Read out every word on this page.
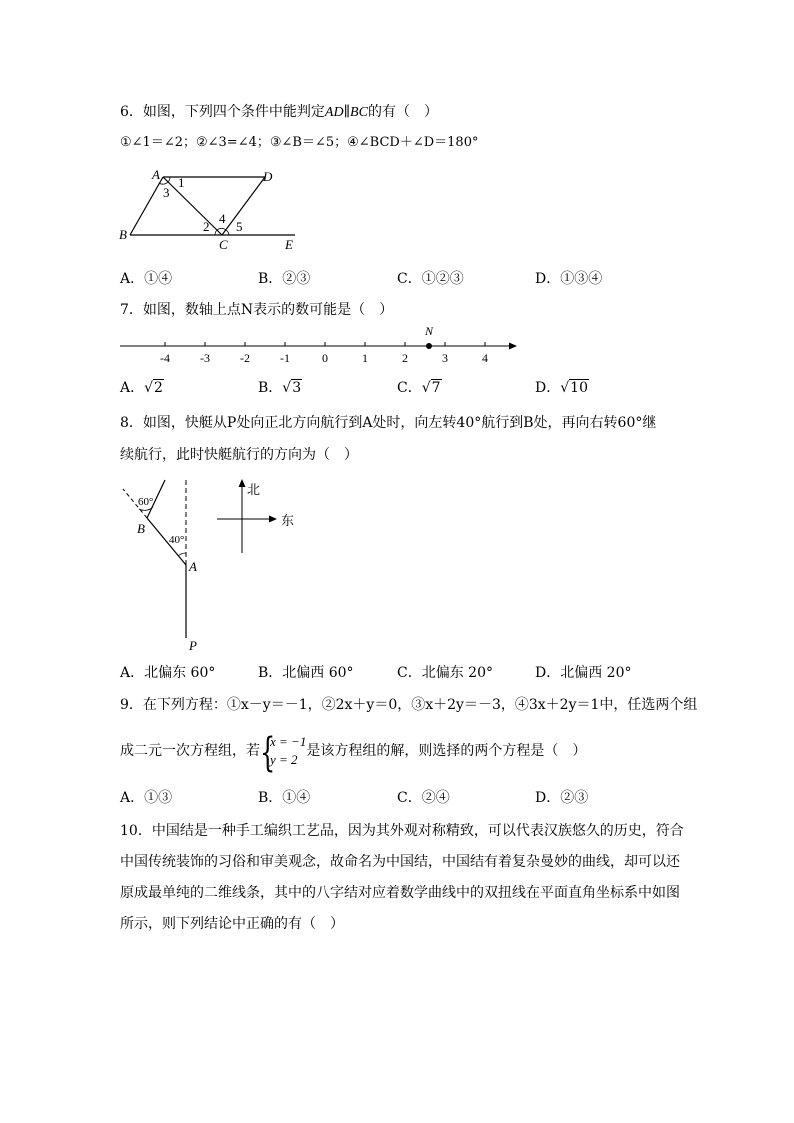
6．如图，下列四个条件中能判定AD∥BC的有（　）
①∠1＝∠2；②∠3=∠4；③∠B＝∠5；④∠BCD＋∠D＝180°
A	D
B
C	E
1
3
2
4
5
A．①④	B．②③	C．①②③	D．①③④
7．如图，数轴上点N表示的数可能是（　）
-4	-3	-2	-1	0	1	2	3	4
N
A．√2	B．√3	C．√7	D．√10
8．如图，快艇从P处向正北方向航行到A处时，向左转40°航行到B处，再向右转60°继
续航行，此时快艇航行的方向为（　）
60°
40°
B
A
P
北
东
A．北偏东 60°	B．北偏西 60°	C．北偏东 20°	D．北偏西 20°
9．在下列方程：①x－y＝－1，②2x＋y＝0，③x＋2y＝－3，④3x＋2y＝1中，任选两个组
成二元一次方程组，若 {
x = −1
y = 2
是该方程组的解，则选择的两个方程是（　）
A．①③	B．①④	C．②④	D．②③
10．中国结是一种手工编织工艺品，因为其外观对称精致，可以代表汉族悠久的历史，符合
中国传统装饰的习俗和审美观念，故命名为中国结，中国结有着复杂曼妙的曲线，却可以还
原成最单纯的二维线条，其中的八字结对应着数学曲线中的双扭线在平面直角坐标系中如图
所示，则下列结论中正确的有（　）
